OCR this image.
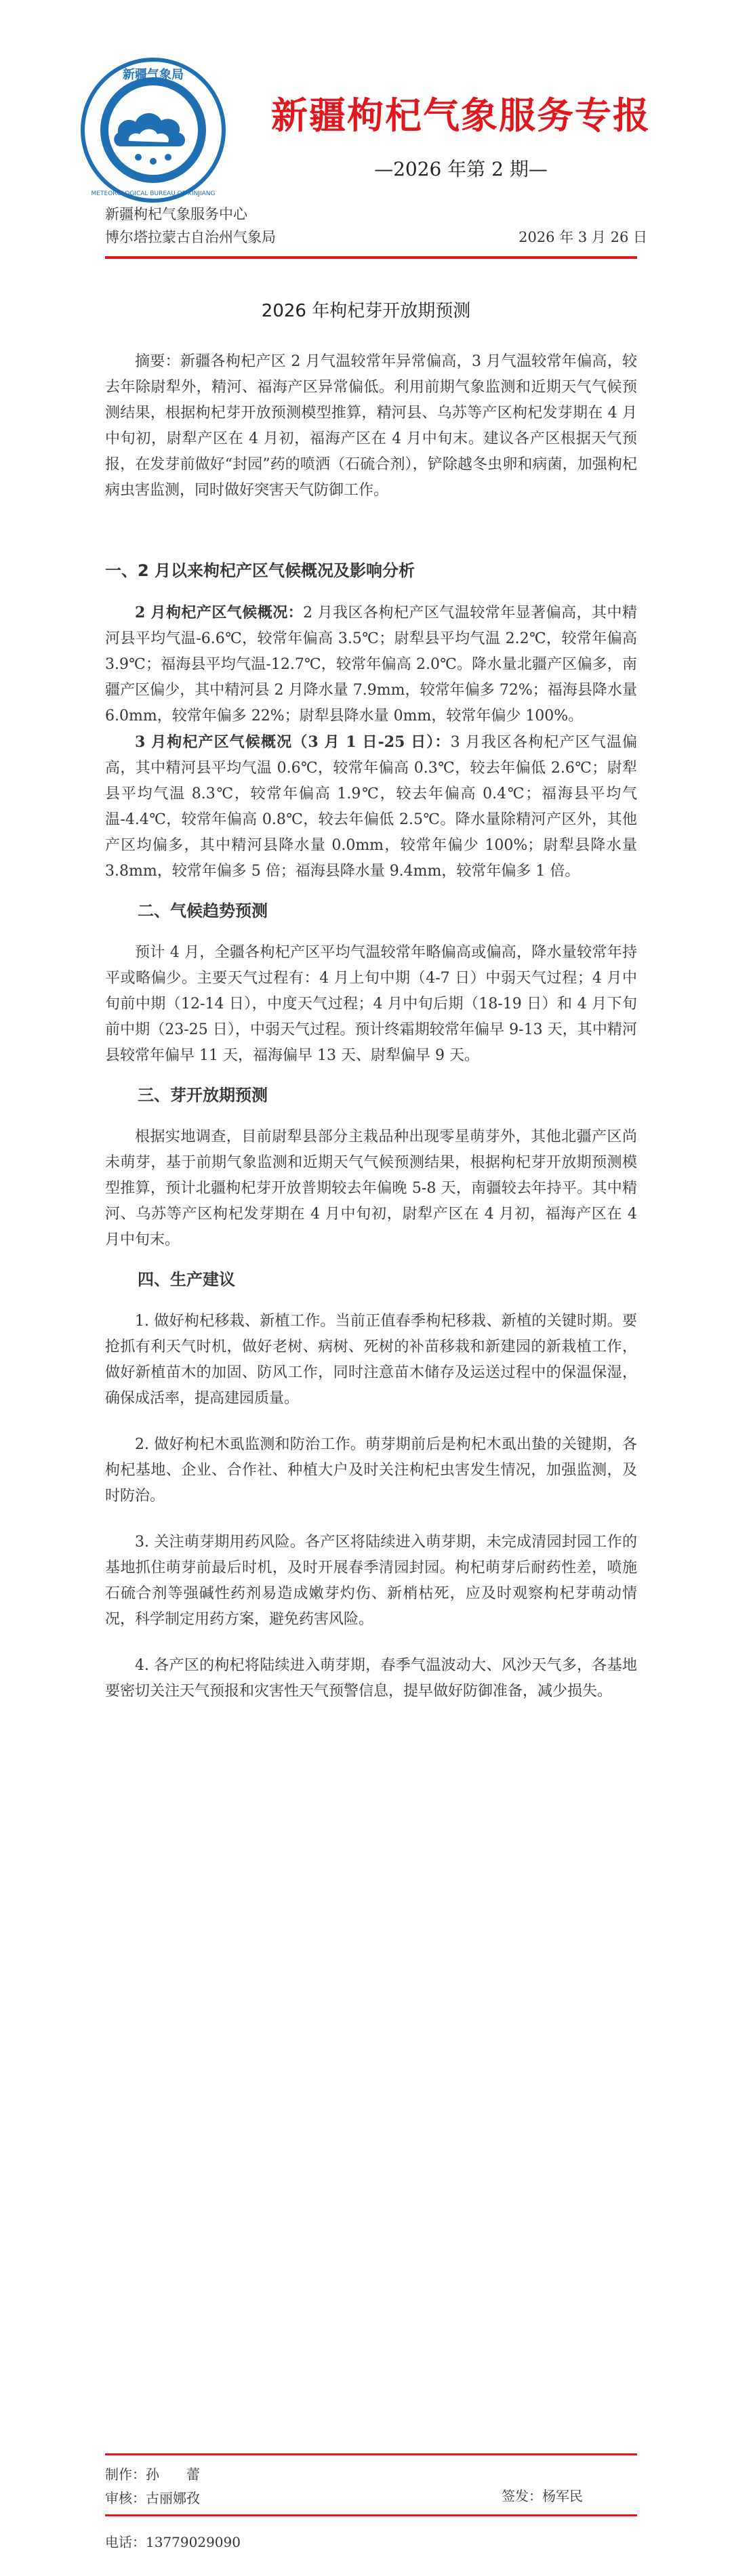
新疆气象局
METEOROLOGICAL BUREAU OF XINJIANG
新疆枸杞气象服务专报
—2026 年第 2 期—
新疆枸杞气象服务中心
博尔塔拉蒙古自治州气象局	2026 年 3 月 26 日
2026 年枸杞芽开放期预测

摘要：新疆各枸杞产区 2 月气温较常年异常偏高，3 月气温较常年偏高，较去年除尉犁外，精河、福海产区异常偏低。利用前期气象监测和近期天气气候预测结果，根据枸杞芽开放预测模型推算，精河县、乌苏等产区枸杞发芽期在 4 月中旬初，尉犁产区在 4 月初，福海产区在 4 月中旬末。建议各产区根据天气预报，在发芽前做好“封园”药的喷洒（石硫合剂），铲除越冬虫卵和病菌，加强枸杞病虫害监测，同时做好突害天气防御工作。

一、2 月以来枸杞产区气候概况及影响分析

2 月枸杞产区气候概况：2 月我区各枸杞产区气温较常年显著偏高，其中精河县平均气温-6.6℃，较常年偏高 3.5℃；尉犁县平均气温 2.2℃，较常年偏高 3.9℃；福海县平均气温-12.7℃，较常年偏高 2.0℃。降水量北疆产区偏多，南疆产区偏少，其中精河县 2 月降水量 7.9mm，较常年偏多 72%；福海县降水量 6.0mm，较常年偏多 22%；尉犁县降水量 0mm，较常年偏少 100%。

3 月枸杞产区气候概况（3 月 1 日-25 日）：3 月我区各枸杞产区气温偏高，其中精河县平均气温 0.6℃，较常年偏高 0.3℃，较去年偏低 2.6℃；尉犁县平均气温 8.3℃，较常年偏高 1.9℃，较去年偏高 0.4℃；福海县平均气温-4.4℃，较常年偏高 0.8℃，较去年偏低 2.5℃。降水量除精河产区外，其他产区均偏多，其中精河县降水量 0.0mm，较常年偏少 100%；尉犁县降水量 3.8mm，较常年偏多 5 倍；福海县降水量 9.4mm，较常年偏多 1 倍。

二、气候趋势预测

预计 4 月，全疆各枸杞产区平均气温较常年略偏高或偏高，降水量较常年持平或略偏少。主要天气过程有：4 月上旬中期（4-7 日）中弱天气过程；4 月中旬前中期（12-14 日），中度天气过程；4 月中旬后期（18-19 日）和 4 月下旬前中期（23-25 日），中弱天气过程。预计终霜期较常年偏早 9-13 天，其中精河县较常年偏早 11 天，福海偏早 13 天、尉犁偏早 9 天。

三、芽开放期预测

根据实地调查，目前尉犁县部分主栽品种出现零星萌芽外，其他北疆产区尚未萌芽，基于前期气象监测和近期天气气候预测结果，根据枸杞芽开放期预测模型推算，预计北疆枸杞芽开放普期较去年偏晚 5-8 天，南疆较去年持平。其中精河、乌苏等产区枸杞发芽期在 4 月中旬初，尉犁产区在 4 月初，福海产区在 4 月中旬末。

四、生产建议

1. 做好枸杞移栽、新植工作。当前正值春季枸杞移栽、新植的关键时期。要抢抓有利天气时机，做好老树、病树、死树的补苗移栽和新建园的新栽植工作，做好新植苗木的加固、防风工作，同时注意苗木储存及运送过程中的保温保湿，确保成活率，提高建园质量。

2. 做好枸杞木虱监测和防治工作。萌芽期前后是枸杞木虱出蛰的关键期，各枸杞基地、企业、合作社、种植大户及时关注枸杞虫害发生情况，加强监测，及时防治。

3. 关注萌芽期用药风险。各产区将陆续进入萌芽期，未完成清园封园工作的基地抓住萌芽前最后时机，及时开展春季清园封园。枸杞萌芽后耐药性差，喷施石硫合剂等强碱性药剂易造成嫩芽灼伤、新梢枯死，应及时观察枸杞芽萌动情况，科学制定用药方案，避免药害风险。

4. 各产区的枸杞将陆续进入萌芽期，春季气温波动大、风沙天气多，各基地要密切关注天气预报和灾害性天气预警信息，提早做好防御准备，减少损失。

制作：孙　　蕾
审核：古丽娜孜	签发：杨军民
电话：13779029090
